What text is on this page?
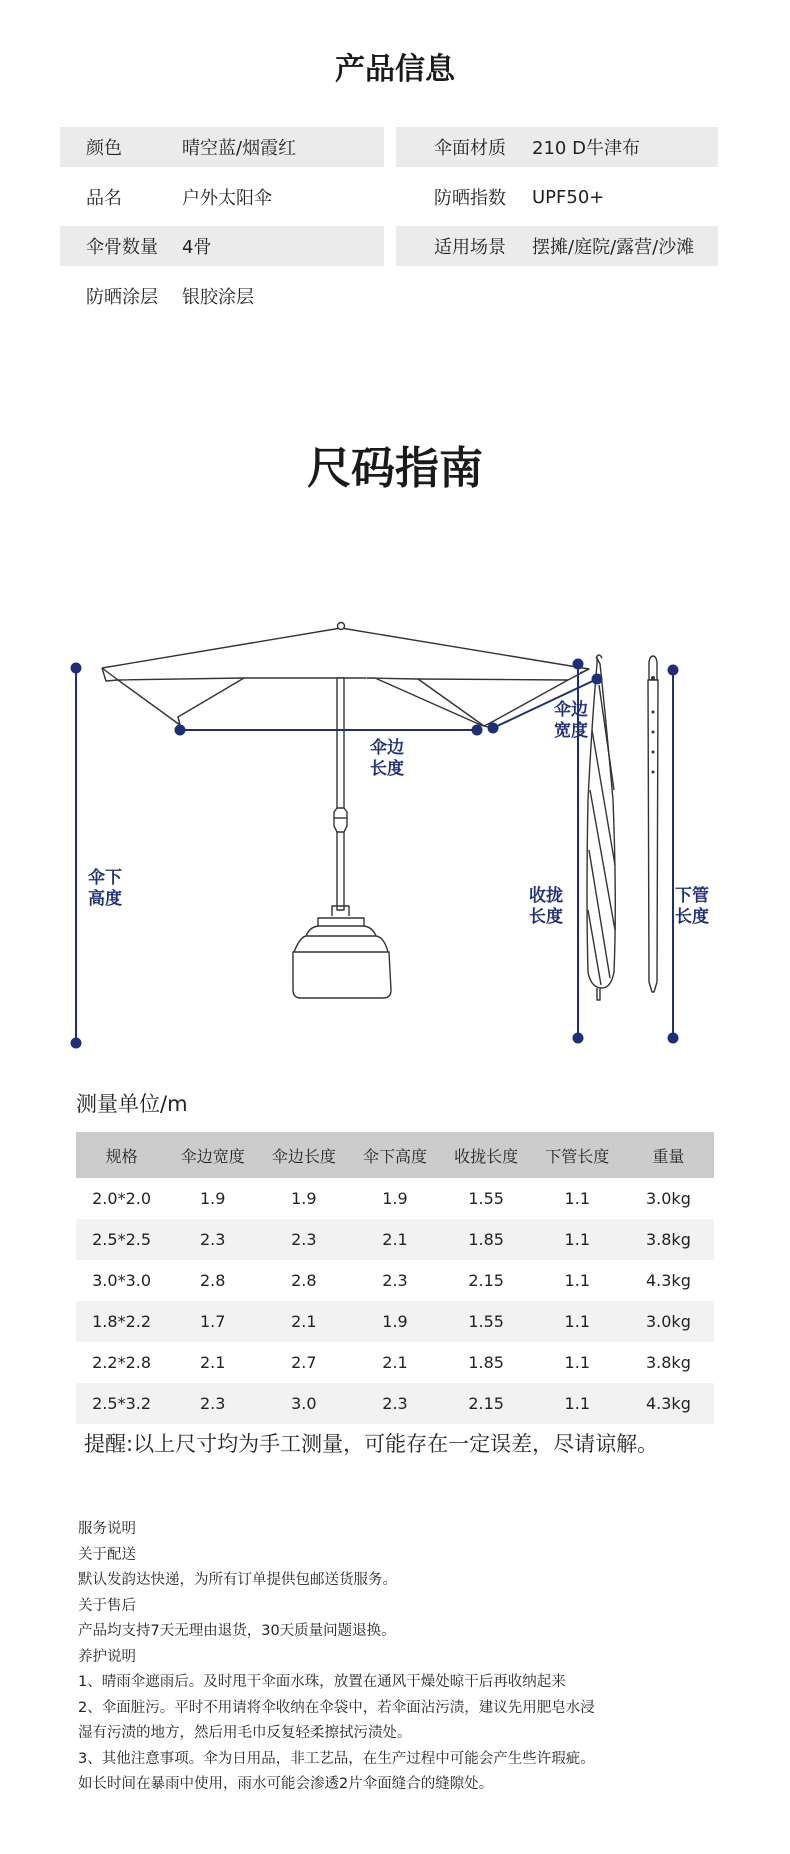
产品信息
颜色	晴空蓝/烟霞红	伞面材质 210 D牛津布
品名	户外太阳伞	防晒指数 UPF50+
伞骨数量 4骨	适用场景 摆摊/庭院/露营/沙滩
防晒涂层 银胶涂层
尺码指南
伞边
宽度
伞边
长度
伞下
高度	收拢
长度
下管
长度
测量单位/m
规格	伞边宽度	伞边长度	伞下高度	收拢长度	下管长度	重量
2.0*2.0	1.9	1.9	1.9	1.55	1.1	3.0kg
2.5*2.5	2.3	2.3	2.1	1.85	1.1	3.8kg
3.0*3.0	2.8	2.8	2.3	2.15	1.1	4.3kg
1.8*2.2	1.7	2.1	1.9	1.55	1.1	3.0kg
2.2*2.8	2.1	2.7	2.1	1.85	1.1	3.8kg
2.5*3.2	2.3	3.0	2.3	2.15	1.1	4.3kg
提醒:以上尺寸均为手工测量，可能存在一定误差，尽请谅解。
服务说明
关于配送
默认发韵达快递，为所有订单提供包邮送货服务。
关于售后
产品均支持7天无理由退货，30天质量问题退换。
养护说明
1、晴雨伞遮雨后。及时甩干伞面水珠，放置在通风干燥处晾干后再收纳起来
2、伞面脏污。平时不用请将伞收纳在伞袋中，若伞面沾污渍，建议先用肥皂水浸
湿有污渍的地方，然后用毛巾反复轻柔擦拭污渍处。
3、其他注意事项。伞为日用品，非工艺品，在生产过程中可能会产生些许瑕疵。
如长时间在暴雨中使用，雨水可能会渗透2片伞面缝合的缝隙处。
